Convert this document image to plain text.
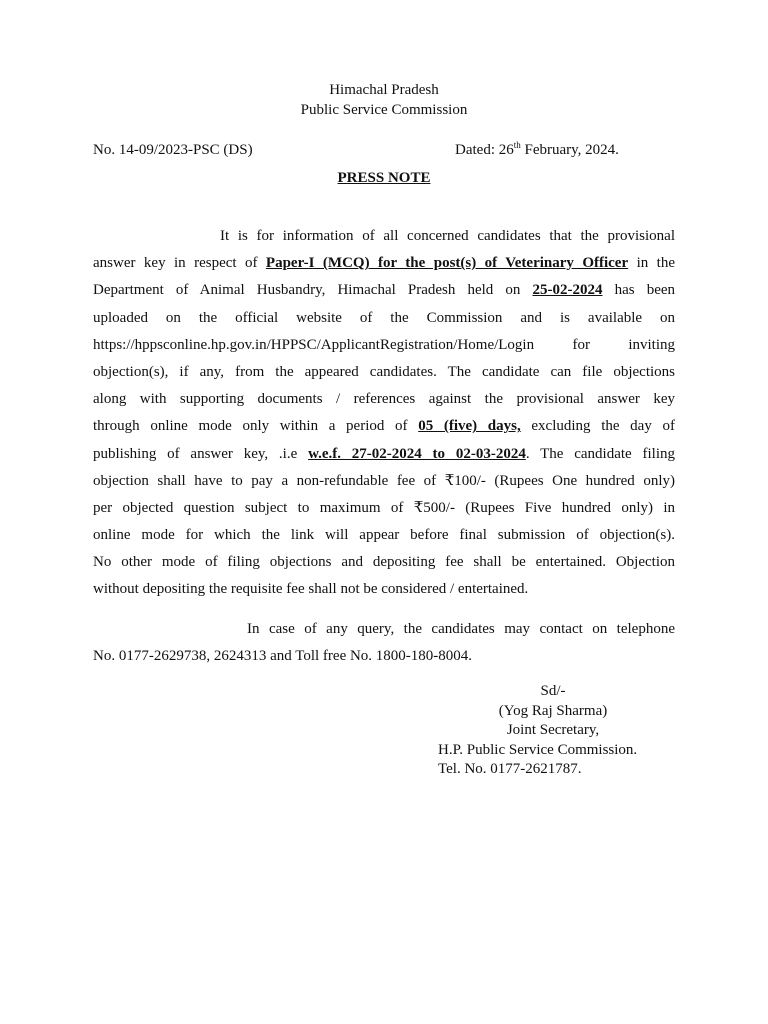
Himachal Pradesh
Public Service Commission
No. 14-09/2023-PSC (DS)	Dated: 26th February, 2024.
PRESS NOTE
It is for information of all concerned candidates that the provisional
answer key in respect of Paper-I (MCQ) for the post(s) of Veterinary Officer in the
Department of Animal Husbandry, Himachal Pradesh held on 25-02-2024 has been
uploaded on the official website of the Commission and is available on
https://hppsconline.hp.gov.in/HPPSC/ApplicantRegistration/Home/Login for inviting
objection(s), if any, from the appeared candidates. The candidate can file objections
along with supporting documents / references against the provisional answer key
through online mode only within a period of 05 (five) days, excluding the day of
publishing of answer key, .i.e w.e.f. 27-02-2024 to 02-03-2024. The candidate filing
objection shall have to pay a non-refundable fee of ₹100/- (Rupees One hundred only)
per objected question subject to maximum of ₹500/- (Rupees Five hundred only) in
online mode for which the link will appear before final submission of objection(s).
No other mode of filing objections and depositing fee shall be entertained. Objection
without depositing the requisite fee shall not be considered / entertained.
In case of any query, the candidates may contact on telephone
No. 0177-2629738, 2624313 and Toll free No. 1800-180-8004.
Sd/-
(Yog Raj Sharma)
Joint Secretary,
H.P. Public Service Commission.
Tel. No. 0177-2621787.
